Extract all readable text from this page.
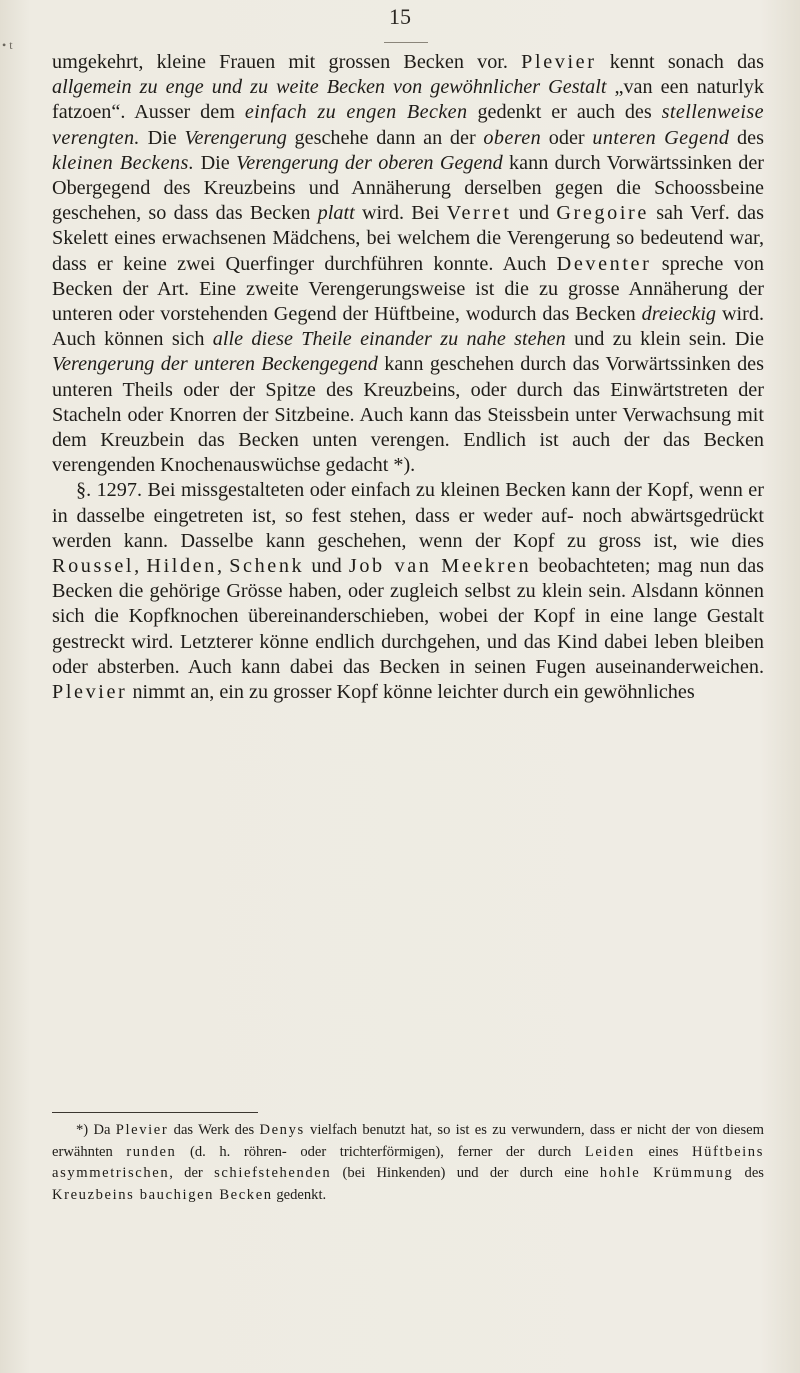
15
• t

umgekehrt, kleine Frauen mit grossen Becken vor. Plevier kennt sonach das allgemein zu enge und zu weite Becken von gewöhnlicher Gestalt „van een naturlyk fatzoen“. Ausser dem einfach zu engen Becken gedenkt er auch des stellenweise verengten. Die Verengerung geschehe dann an der oberen oder unteren Gegend des kleinen Beckens. Die Verengerung der oberen Gegend kann durch Vorwärtssinken der Obergegend des Kreuzbeins und Annäherung derselben gegen die Schoossbeine geschehen, so dass das Becken platt wird. Bei Verret und Gregoire sah Verf. das Skelett eines erwachsenen Mädchens, bei welchem die Verengerung so bedeutend war, dass er keine zwei Querfinger durchführen konnte. Auch Deventer spreche von Becken der Art. Eine zweite Verengerungsweise ist die zu grosse Annäherung der unteren oder vorstehenden Gegend der Hüftbeine, wodurch das Becken dreieckig wird. Auch können sich alle diese Theile einander zu nahe stehen und zu klein sein. Die Verengerung der unteren Beckengegend kann geschehen durch das Vorwärtssinken des unteren Theils oder der Spitze des Kreuzbeins, oder durch das Einwärtstreten der Stacheln oder Knorren der Sitzbeine. Auch kann das Steissbein unter Verwachsung mit dem Kreuzbein das Becken unten verengen. Endlich ist auch der das Becken verengenden Knochenauswüchse gedacht *).

§. 1297. Bei missgestalteten oder einfach zu kleinen Becken kann der Kopf, wenn er in dasselbe eingetreten ist, so fest stehen, dass er weder auf- noch abwärtsgedrückt werden kann. Dasselbe kann geschehen, wenn der Kopf zu gross ist, wie dies Roussel, Hilden, Schenk und Job van Meekren beobachteten; mag nun das Becken die gehörige Grösse haben, oder zugleich selbst zu klein sein. Alsdann können sich die Kopfknochen übereinanderschieben, wobei der Kopf in eine lange Gestalt gestreckt wird. Letzterer könne endlich durchgehen, und das Kind dabei leben bleiben oder absterben. Auch kann dabei das Becken in seinen Fugen auseinanderweichen. Plevier nimmt an, ein zu grosser Kopf könne leichter durch ein gewöhnliches

*) Da Plevier das Werk des Denys vielfach benutzt hat, so ist es zu verwundern, dass er nicht der von diesem erwähnten runden (d. h. röhren- oder trichterförmigen), ferner der durch Leiden eines Hüftbeins asymmetrischen, der schiefstehenden (bei Hinkenden) und der durch eine hohle Krümmung des Kreuzbeins bauchigen Becken gedenkt.
